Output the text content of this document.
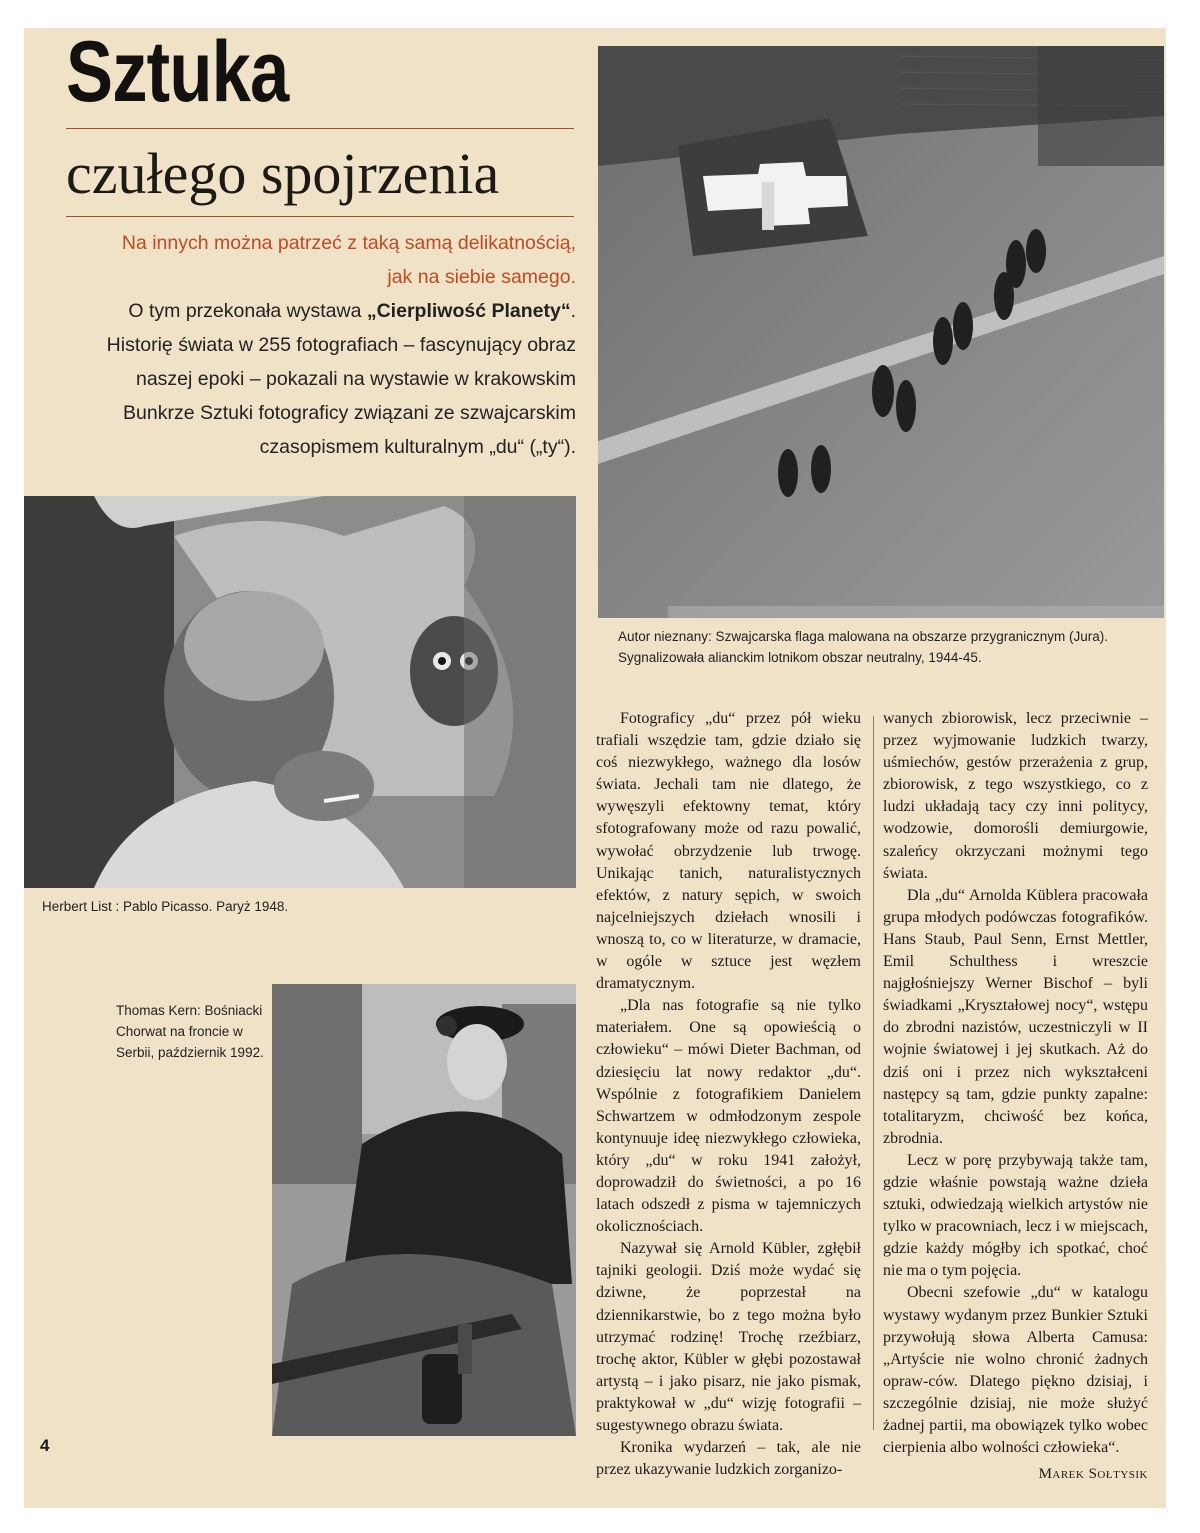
Sztuka
czułego spojrzenia
Na innych można patrzeć z taką samą delikatnością,
jak na siebie samego.
O tym przekonała wystawa „Cierpliwość Planety“. Historię świata w 255 fotografiach – fascynujący obraz naszej epoki – pokazali na wystawie w krakowskim Bunkrze Sztuki fotograficy związani ze szwajcarskim czasopismem kulturalnym „du“ („ty“).
Autor nieznany: Szwajcarska flaga malowana na obszarze przygranicznym (Jura). Sygnalizowała alianckim lotnikom obszar neutralny, 1944-45.
Herbert List : Pablo Picasso. Paryż 1948.
Thomas Kern: Bośniacki Chorwat na froncie w Serbii, październik 1992.

Fotograficy „du“ przez pół wieku trafiali wszędzie tam, gdzie działo się coś niezwykłego, ważnego dla losów świata. Jechali tam nie dlatego, że wywęszyli efektowny temat, który sfotografowany może od razu powalić, wywołać obrzydzenie lub trwogę. Unikając tanich, naturalistycznych efektów, z natury sępich, w swoich najcelniejszych dziełach wnosili i wnoszą to, co w literaturze, w dramacie, w ogóle w sztuce jest węzłem dramatycznym.

„Dla nas fotografie są nie tylko materiałem. One są opowieścią o człowieku“ – mówi Dieter Bachman, od dziesięciu lat nowy redaktor „du“. Wspólnie z fotografikiem Danielem Schwartzem w odmłodzonym zespole kontynuuje ideę niezwykłego człowieka, który „du“ w roku 1941 założył, doprowadził do świetności, a po 16 latach odszedł z pisma w tajemniczych okolicznościach.

Nazywał się Arnold Kübler, zgłębił tajniki geologii. Dziś może wydać się dziwne, że poprzestał na dziennikarstwie, bo z tego można było utrzymać rodzinę! Trochę rzeźbiarz, trochę aktor, Kübler w głębi pozostawał artystą – i jako pisarz, nie jako pismak, praktykował w „du“ wizję fotografii – sugestywnego obrazu świata.

Kronika wydarzeń – tak, ale nie przez ukazywanie ludzkich zorganizo-

wanych zbiorowisk, lecz przeciwnie – przez wyjmowanie ludzkich twarzy, uśmiechów, gestów przerażenia z grup, zbiorowisk, z tego wszystkiego, co z ludzi układają tacy czy inni politycy, wodzowie, domorośli demiurgowie, szaleńcy okrzyczani możnymi tego świata.

Dla „du“ Arnolda Küblera pracowała grupa młodych podówczas fotografików. Hans Staub, Paul Senn, Ernst Mettler, Emil Schulthess i wreszcie najgłośniejszy Werner Bischof – byli świadkami „Kryształowej nocy“, wstępu do zbrodni nazistów, uczestniczyli w II wojnie światowej i jej skutkach. Aż do dziś oni i przez nich wykształceni następcy są tam, gdzie punkty zapalne: totalitaryzm, chciwość bez końca, zbrodnia.

Lecz w porę przybywają także tam, gdzie właśnie powstają ważne dzieła sztuki, odwiedzają wielkich artystów nie tylko w pracowniach, lecz i w miejscach, gdzie każdy mógłby ich spotkać, choć nie ma o tym pojęcia.

Obecni szefowie „du“ w katalogu wystawy wydanym przez Bunkier Sztuki przywołują słowa Alberta Camusa: „Artyście nie wolno chronić żadnych opraw-ców. Dlatego piękno dzisiaj, i szczególnie dzisiaj, nie może służyć żadnej partii, ma obowiązek tylko wobec cierpienia albo wolności człowieka“.

Marek Sołtysik

4
